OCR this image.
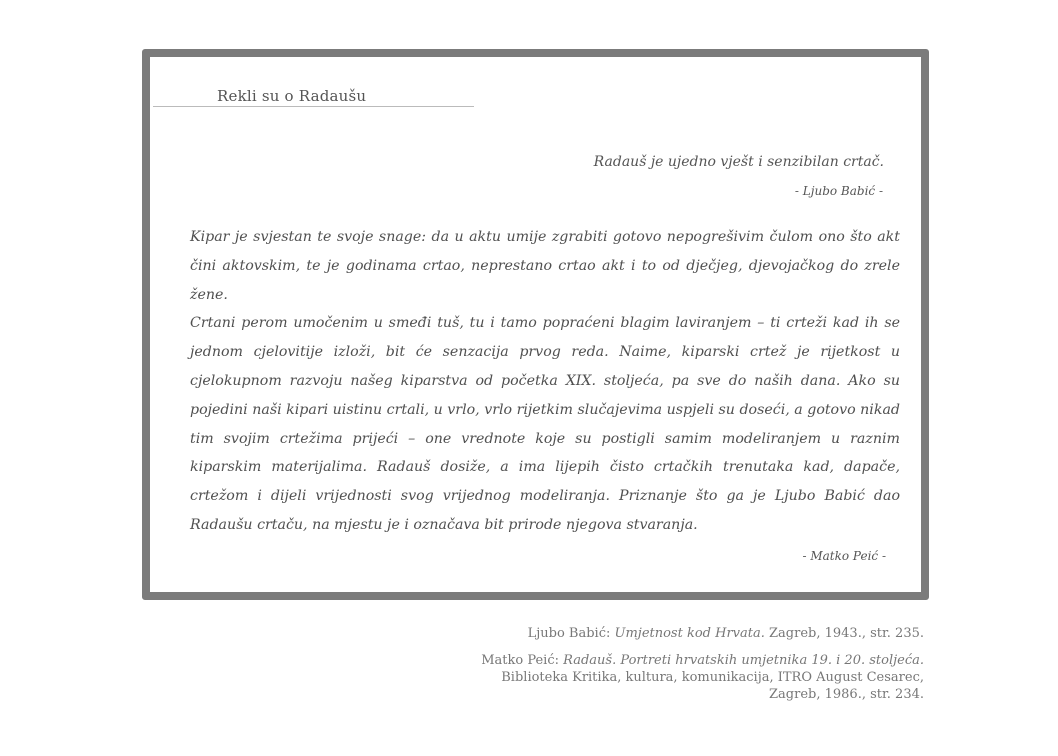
Rekli su o Radaušu
Radauš je ujedno vješt i senzibilan crtač.
- Ljubo Babić -

Kipar je svjestan te svoje snage: da u aktu umije zgrabiti gotovo nepogrešivim čulom ono što akt čini aktovskim, te je godinama crtao, neprestano crtao akt i to od dječjeg, djevojačkog do zrele žene.

Crtani perom umočenim u smeđi tuš, tu i tamo popraćeni blagim laviranjem – ti crteži kad ih se jednom cjelovitije izloži, bit će senzacija prvog reda. Naime, kiparski crtež je rijetkost u cjelokupnom razvoju našeg kiparstva od početka XIX. stoljeća, pa sve do naših dana. Ako su pojedini naši kipari uistinu crtali, u vrlo, vrlo rijetkim slučajevima uspjeli su doseći, a gotovo nikad tim svojim crtežima prijeći – one vrednote koje su postigli samim modeliranjem u raznim kiparskim materijalima. Radauš dosiže, a ima lijepih čisto crtačkih trenutaka kad, dapače, crtežom i dijeli vrijednosti svog vrijednog modeliranja. Priznanje što ga je Ljubo Babić dao Radaušu crtaču, na mjestu je i označava bit prirode njegova stvaranja.

- Matko Peić -

Ljubo Babić: Umjetnost kod Hrvata. Zagreb, 1943., str. 235.

Matko Peić: Radauš. Portreti hrvatskih umjetnika 19. i 20. stoljeća. Biblioteka Kritika, kultura, komunikacija, ITRO August Cesarec, Zagreb, 1986., str. 234.
